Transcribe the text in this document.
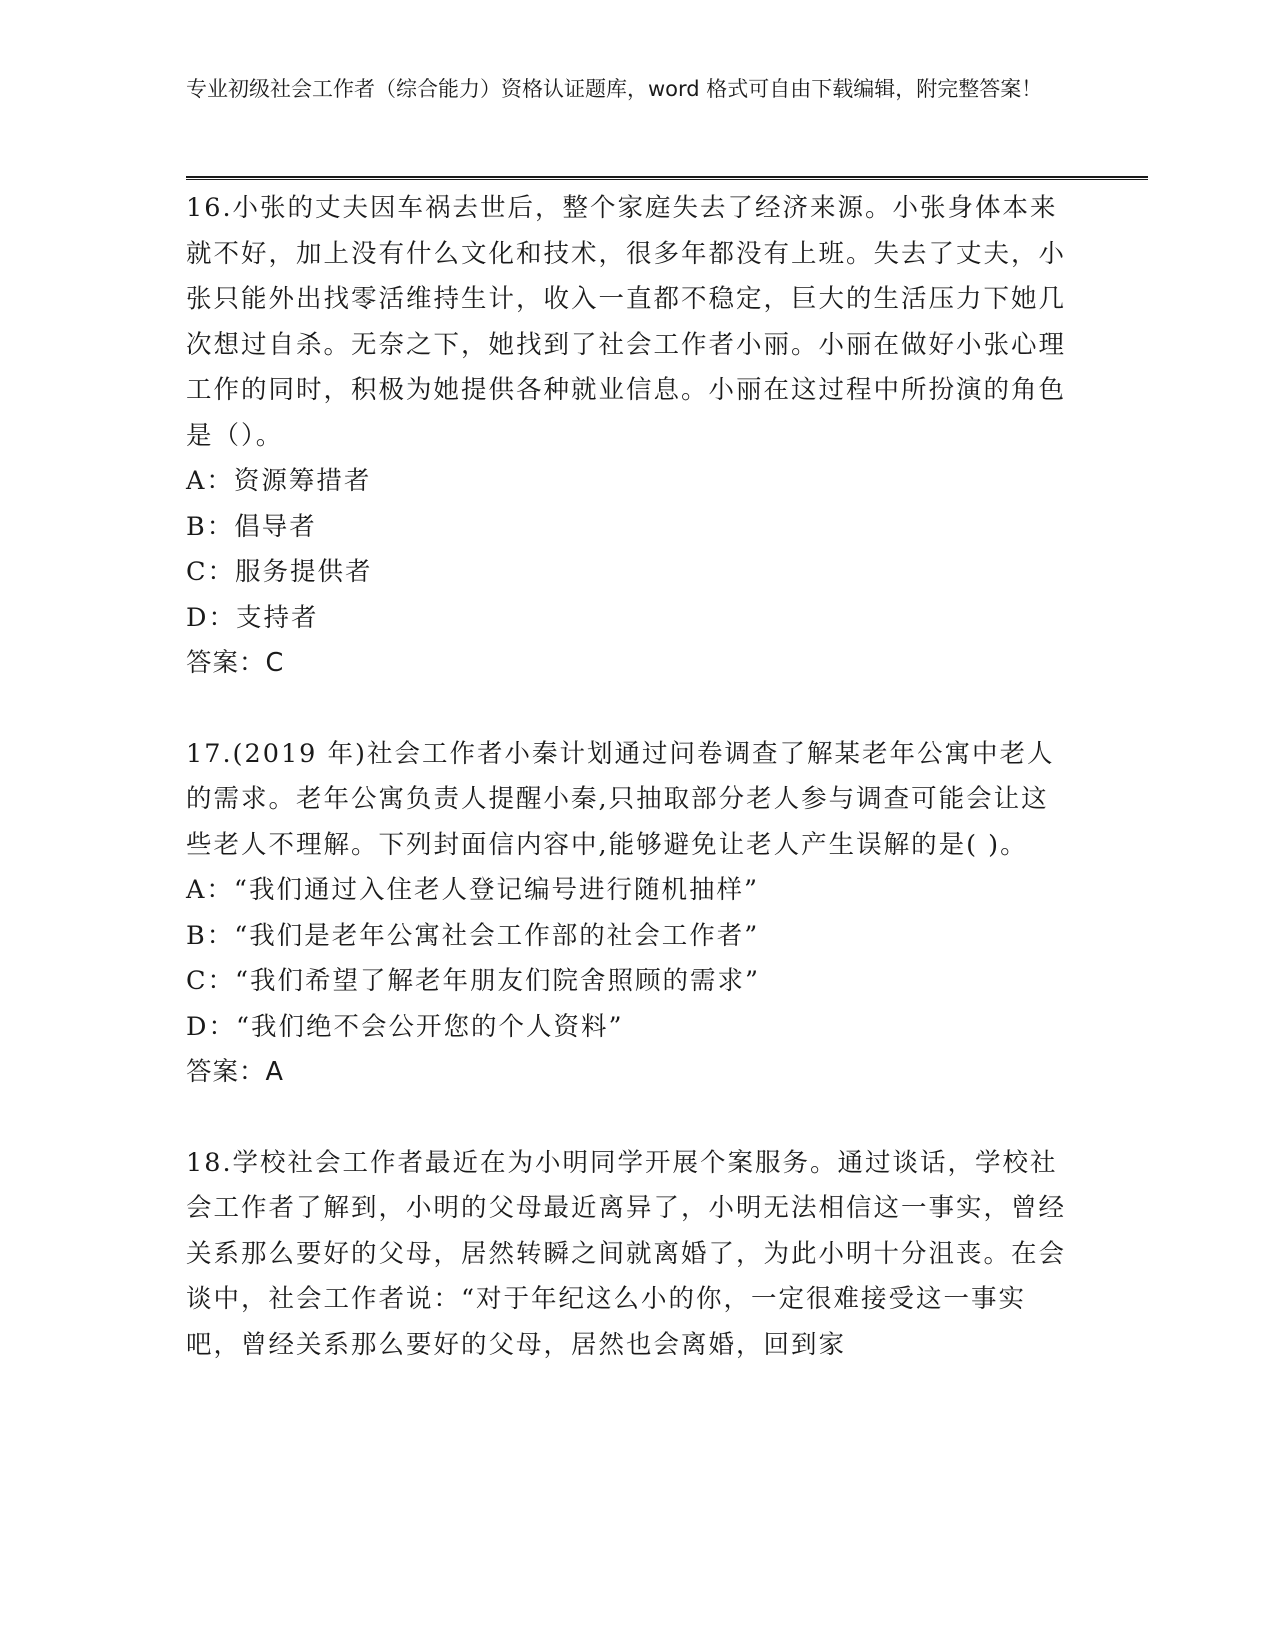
专业初级社会工作者（综合能力）资格认证题库，word 格式可自由下载编辑，附完整答案！

16.小张的丈夫因车祸去世后，整个家庭失去了经济来源。小张身体本来就不好，加上没有什么文化和技术，很多年都没有上班。失去了丈夫，小张只能外出找零活维持生计，收入一直都不稳定，巨大的生活压力下她几次想过自杀。无奈之下，她找到了社会工作者小丽。小丽在做好小张心理工作的同时，积极为她提供各种就业信息。小丽在这过程中所扮演的角色是（）。

A：资源筹措者

B：倡导者

C：服务提供者

D：支持者

答案：C

17.(2019 年)社会工作者小秦计划通过问卷调查了解某老年公寓中老人的需求。老年公寓负责人提醒小秦,只抽取部分老人参与调查可能会让这些老人不理解。下列封面信内容中,能够避免让老人产生误解的是( )。

A：“我们通过入住老人登记编号进行随机抽样”

B：“我们是老年公寓社会工作部的社会工作者”

C：“我们希望了解老年朋友们院舍照顾的需求”

D：“我们绝不会公开您的个人资料”

答案：A

18.学校社会工作者最近在为小明同学开展个案服务。通过谈话，学校社会工作者了解到，小明的父母最近离异了，小明无法相信这一事实，曾经关系那么要好的父母，居然转瞬之间就离婚了，为此小明十分沮丧。在会谈中，社会工作者说：“对于年纪这么小的你，一定很难接受这一事实吧，曾经关系那么要好的父母，居然也会离婚，回到家
